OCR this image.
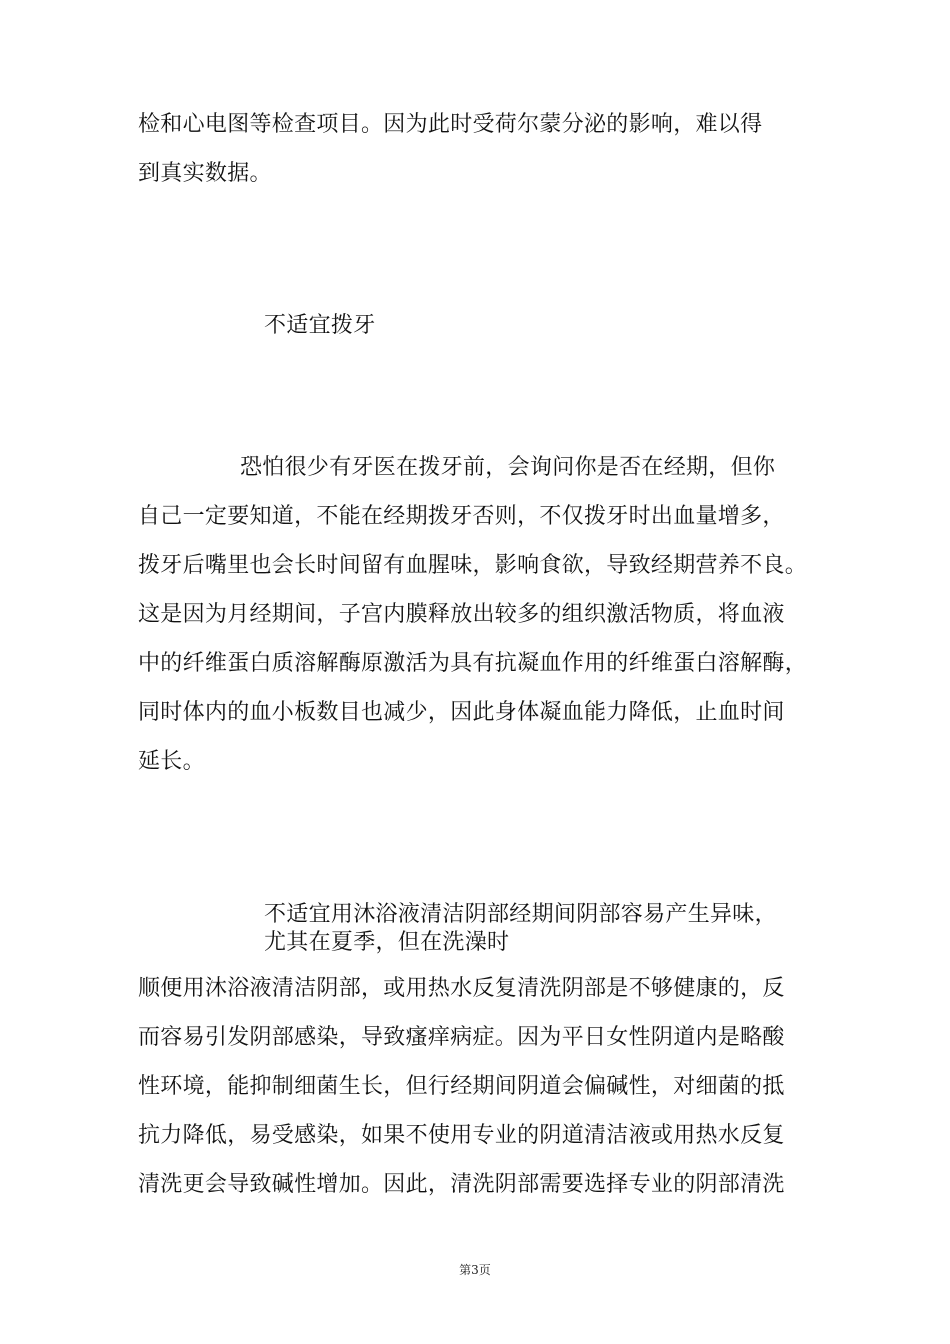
检和心电图等检查项目。因为此时受荷尔蒙分泌的影响，难以得
到真实数据。
不适宜拨牙
恐怕很少有牙医在拨牙前，会询问你是否在经期，但你
自己一定要知道，不能在经期拨牙否则，不仅拨牙时出血量增多，
拨牙后嘴里也会长时间留有血腥味，影响食欲，导致经期营养不良。
这是因为月经期间，子宫内膜释放出较多的组织激活物质，将血液
中的纤维蛋白质溶解酶原激活为具有抗凝血作用的纤维蛋白溶解酶，
同时体内的血小板数目也减少，因此身体凝血能力降低，止血时间
延长。
不适宜用沐浴液清洁阴部经期间阴部容易产生异味，
尤其在夏季，但在洗澡时
顺便用沐浴液清洁阴部，或用热水反复清洗阴部是不够健康的，反
而容易引发阴部感染，导致瘙痒病症。因为平日女性阴道内是略酸
性环境，能抑制细菌生长，但行经期间阴道会偏碱性，对细菌的抵
抗力降低，易受感染，如果不使用专业的阴道清洁液或用热水反复
清洗更会导致碱性增加。因此，清洗阴部需要选择专业的阴部清洗
第3页
